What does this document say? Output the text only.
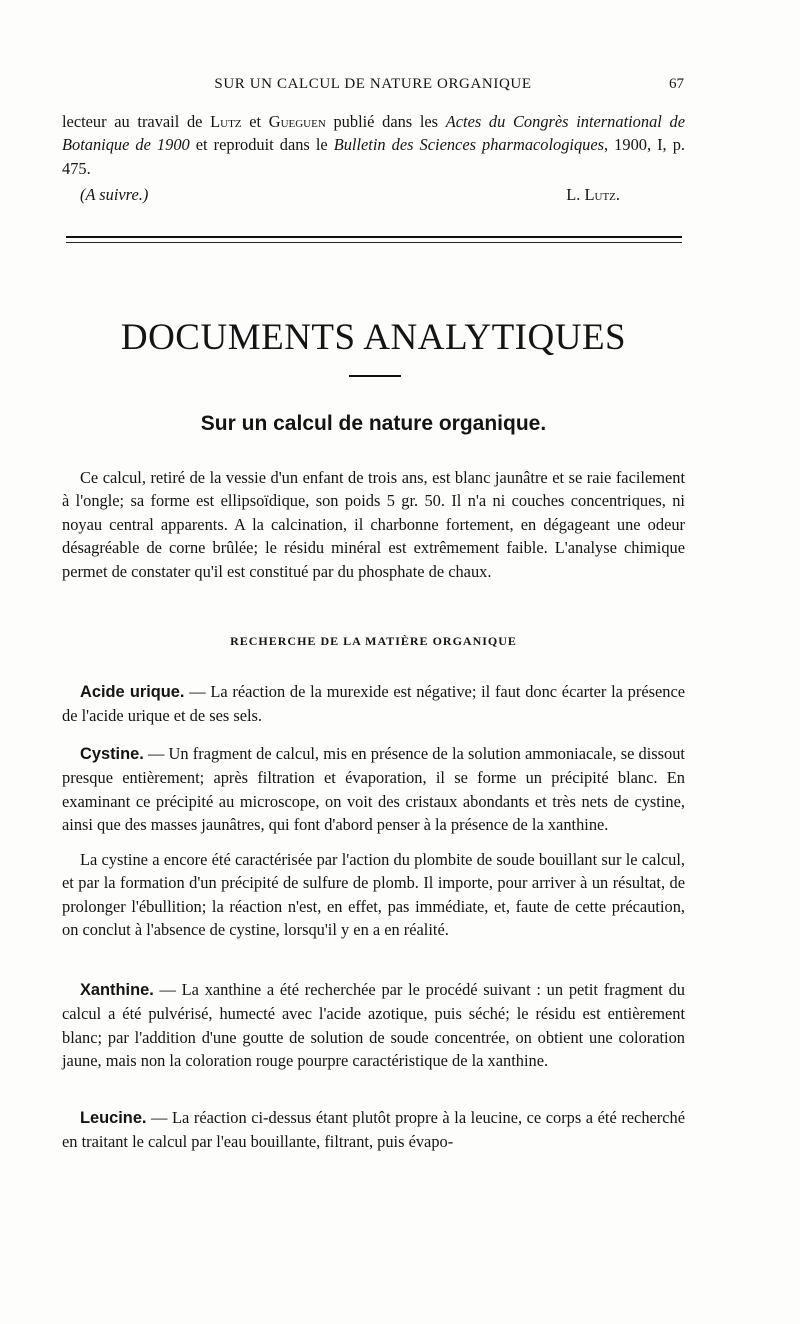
SUR UN CALCUL DE NATURE ORGANIQUE	67

lecteur au travail de Lutz et Gueguen publié dans les Actes du Congrès international de Botanique de 1900 et reproduit dans le Bulletin des Sciences pharmacologiques, 1900, I, p. 475.

(A suivre.)	L. Lutz.
DOCUMENTS ANALYTIQUES
Sur un calcul de nature organique.

Ce calcul, retiré de la vessie d'un enfant de trois ans, est blanc jaunâtre et se raie facilement à l'ongle; sa forme est ellipsoïdique, son poids 5 gr. 50. Il n'a ni couches concentriques, ni noyau central apparents. A la calcination, il charbonne fortement, en dégageant une odeur désagréable de corne brûlée; le résidu minéral est extrêmement faible. L'analyse chimique permet de constater qu'il est constitué par du phosphate de chaux.

RECHERCHE DE LA MATIÈRE ORGANIQUE

Acide urique. — La réaction de la murexide est négative; il faut donc écarter la présence de l'acide urique et de ses sels.

Cystine. — Un fragment de calcul, mis en présence de la solution ammoniacale, se dissout presque entièrement; après filtration et évaporation, il se forme un précipité blanc. En examinant ce précipité au microscope, on voit des cristaux abondants et très nets de cystine, ainsi que des masses jaunâtres, qui font d'abord penser à la présence de la xanthine.

La cystine a encore été caractérisée par l'action du plombite de soude bouillant sur le calcul, et par la formation d'un précipité de sulfure de plomb. Il importe, pour arriver à un résultat, de prolonger l'ébullition; la réaction n'est, en effet, pas immédiate, et, faute de cette précaution, on conclut à l'absence de cystine, lorsqu'il y en a en réalité.

Xanthine. — La xanthine a été recherchée par le procédé suivant : un petit fragment du calcul a été pulvérisé, humecté avec l'acide azotique, puis séché; le résidu est entièrement blanc; par l'addition d'une goutte de solution de soude concentrée, on obtient une coloration jaune, mais non la coloration rouge pourpre caractéristique de la xanthine.

Leucine. — La réaction ci-dessus étant plutôt propre à la leucine, ce corps a été recherché en traitant le calcul par l'eau bouillante, filtrant, puis évapo-
